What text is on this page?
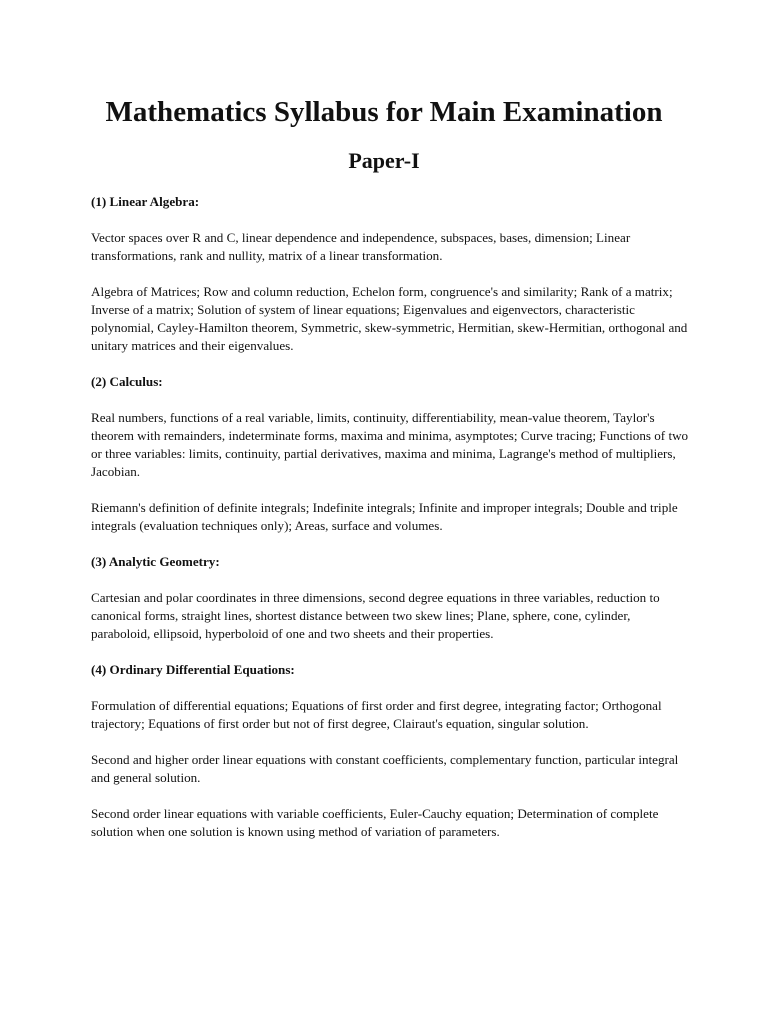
Mathematics Syllabus for Main Examination
Paper-I

(1) Linear Algebra:

Vector spaces over R and C, linear dependence and independence, subspaces, bases, dimension; Linear transformations, rank and nullity, matrix of a linear transformation.

Algebra of Matrices; Row and column reduction, Echelon form, congruence's and similarity; Rank of a matrix; Inverse of a matrix; Solution of system of linear equations; Eigenvalues and eigenvectors, characteristic polynomial, Cayley-Hamilton theorem, Symmetric, skew-symmetric, Hermitian, skew-Hermitian, orthogonal and unitary matrices and their eigenvalues.

(2) Calculus:

Real numbers, functions of a real variable, limits, continuity, differentiability, mean-value theorem, Taylor's theorem with remainders, indeterminate forms, maxima and minima, asymptotes; Curve tracing; Functions of two or three variables: limits, continuity, partial derivatives, maxima and minima, Lagrange's method of multipliers, Jacobian.

Riemann's definition of definite integrals; Indefinite integrals; Infinite and improper integrals; Double and triple integrals (evaluation techniques only); Areas, surface and volumes.

(3) Analytic Geometry:

Cartesian and polar coordinates in three dimensions, second degree equations in three variables, reduction to canonical forms, straight lines, shortest distance between two skew lines; Plane, sphere, cone, cylinder, paraboloid, ellipsoid, hyperboloid of one and two sheets and their properties.

(4) Ordinary Differential Equations:

Formulation of differential equations; Equations of first order and first degree, integrating factor; Orthogonal trajectory; Equations of first order but not of first degree, Clairaut's equation, singular solution.

Second and higher order linear equations with constant coefficients, complementary function, particular integral and general solution.

Second order linear equations with variable coefficients, Euler-Cauchy equation; Determination of complete solution when one solution is known using method of variation of parameters.
